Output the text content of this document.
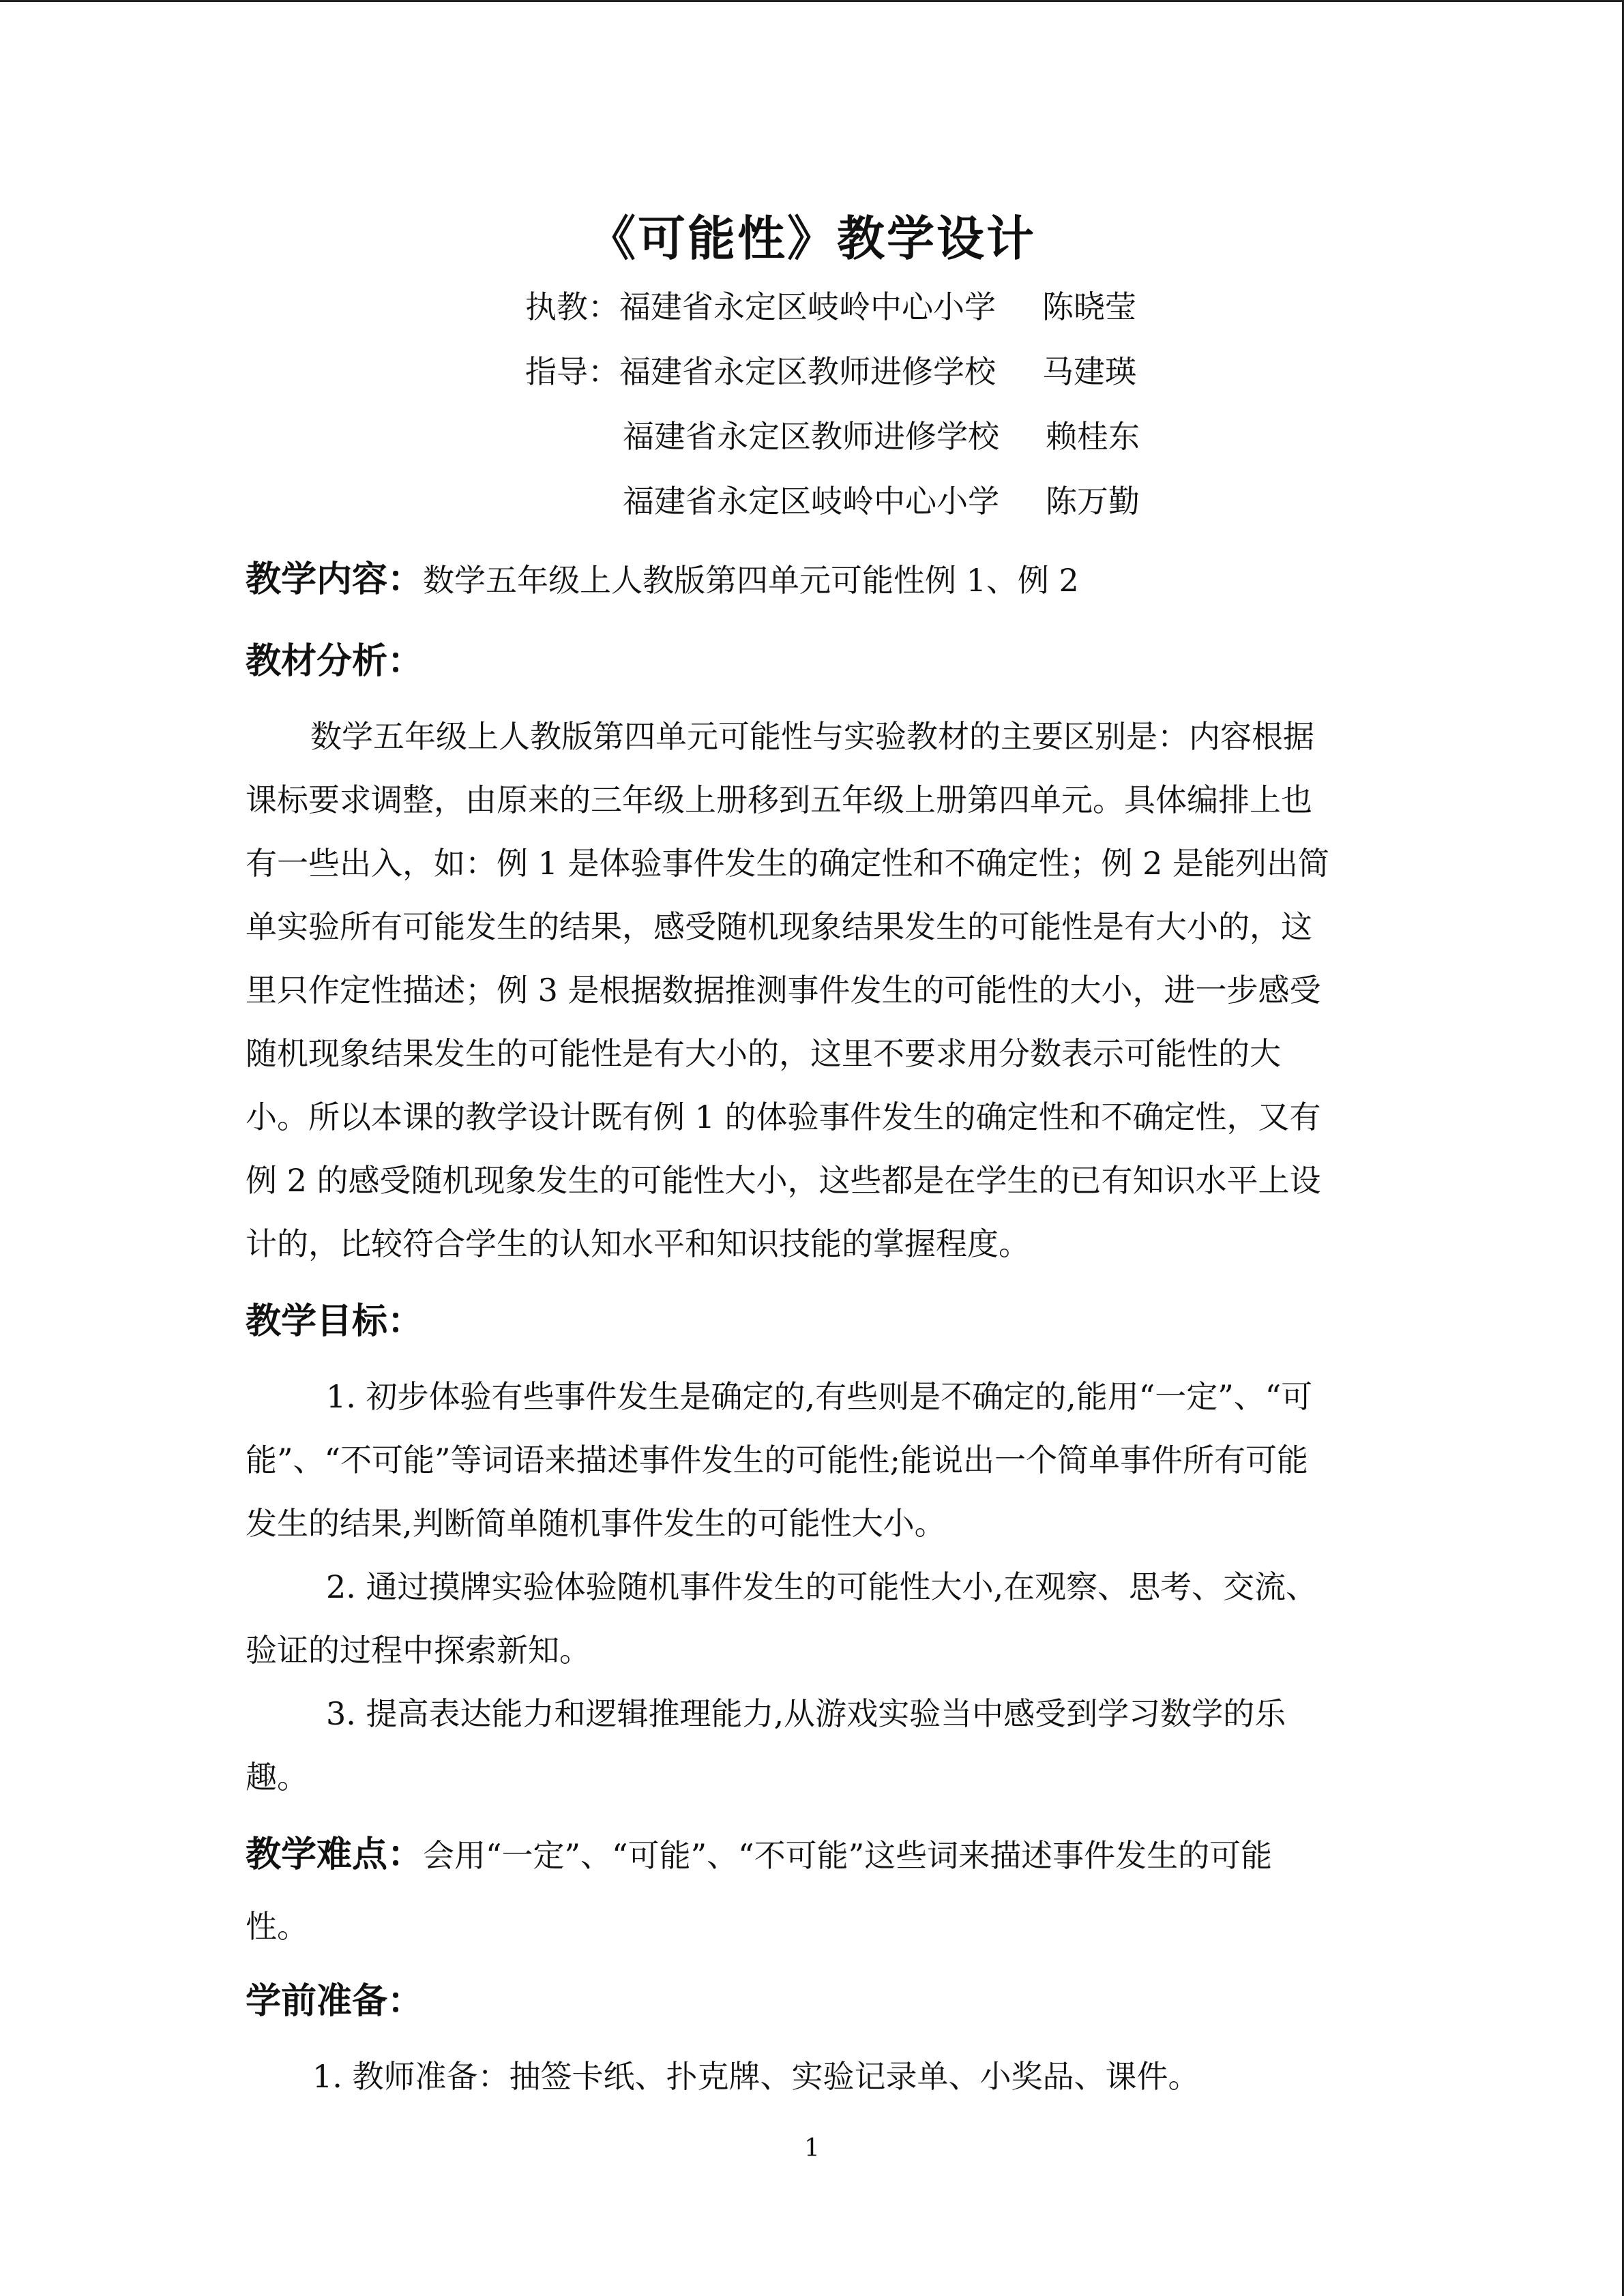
《可能性》教学设计
执教：福建省永定区岐岭中心小学 陈晓莹
指导：福建省永定区教师进修学校 马建瑛
福建省永定区教师进修学校 赖桂东
福建省永定区岐岭中心小学 陈万勤
教学内容：数学五年级上人教版第四单元可能性例 1、例 2
教材分析：
数学五年级上人教版第四单元可能性与实验教材的主要区别是：内容根据
课标要求调整，由原来的三年级上册移到五年级上册第四单元。具体编排上也
有一些出入，如：例 1 是体验事件发生的确定性和不确定性；例 2 是能列出简
单实验所有可能发生的结果，感受随机现象结果发生的可能性是有大小的，这
里只作定性描述；例 3 是根据数据推测事件发生的可能性的大小，进一步感受
随机现象结果发生的可能性是有大小的，这里不要求用分数表示可能性的大
小。所以本课的教学设计既有例 1 的体验事件发生的确定性和不确定性，又有
例 2 的感受随机现象发生的可能性大小，这些都是在学生的已有知识水平上设
计的，比较符合学生的认知水平和知识技能的掌握程度。
教学目标：
1. 初步体验有些事件发生是确定的,有些则是不确定的,能用“一定”、“可
能”、“不可能”等词语来描述事件发生的可能性;能说出一个简单事件所有可能
发生的结果,判断简单随机事件发生的可能性大小。
2. 通过摸牌实验体验随机事件发生的可能性大小,在观察、思考、交流、
验证的过程中探索新知。
3. 提高表达能力和逻辑推理能力,从游戏实验当中感受到学习数学的乐
趣。
教学难点：会用“一定”、“可能”、“不可能”这些词来描述事件发生的可能
性。
学前准备：
1. 教师准备：抽签卡纸、扑克牌、实验记录单、小奖品、课件。
1
